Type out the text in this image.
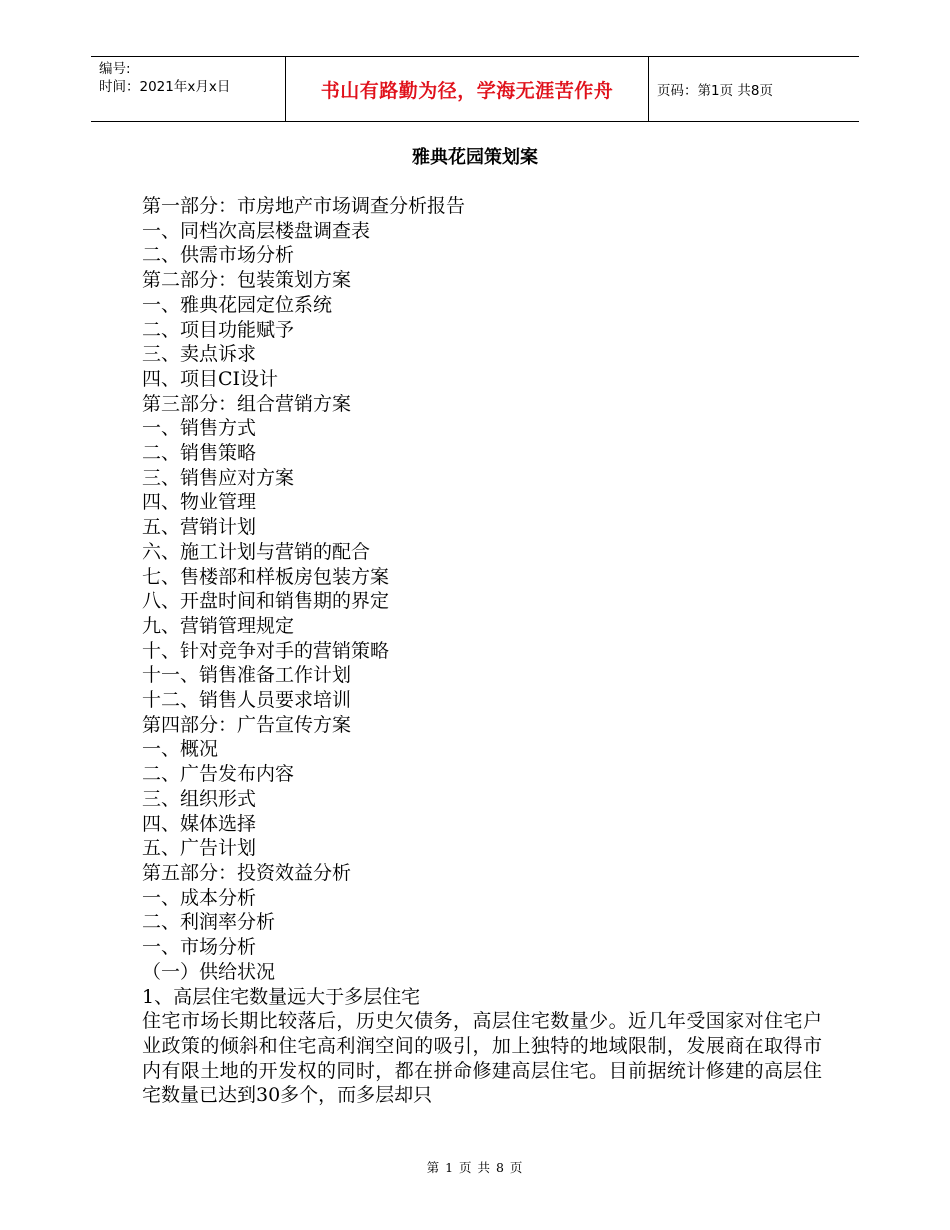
编号:
时间：2021年x月x日	书山有路勤为径，学海无涯苦作舟	页码：第1页 共8页
雅典花园策划案

第一部分：市房地产市场调查分析报告

一、同档次高层楼盘调查表

二、供需市场分析

第二部分：包装策划方案

一、雅典花园定位系统

二、项目功能赋予

三、卖点诉求

四、项目CI设计

第三部分：组合营销方案

一、销售方式

二、销售策略

三、销售应对方案

四、物业管理

五、营销计划

六、施工计划与营销的配合

七、售楼部和样板房包装方案

八、开盘时间和销售期的界定

九、营销管理规定

十、针对竞争对手的营销策略

十一、销售准备工作计划

十二、销售人员要求培训

第四部分：广告宣传方案

一、概况

二、广告发布内容

三、组织形式

四、媒体选择

五、广告计划

第五部分：投资效益分析

一、成本分析

二、利润率分析

一、市场分析

（一）供给状况

1、高层住宅数量远大于多层住宅

住宅市场长期比较落后，历史欠债务，高层住宅数量少。近几年受国家对住宅户业政策的倾斜和住宅高利润空间的吸引，加上独特的地域限制，发展商在取得市内有限土地的开发权的同时，都在拼命修建高层住宅。目前据统计修建的高层住宅数量已达到30多个，而多层却只

第 1 页 共 8 页
